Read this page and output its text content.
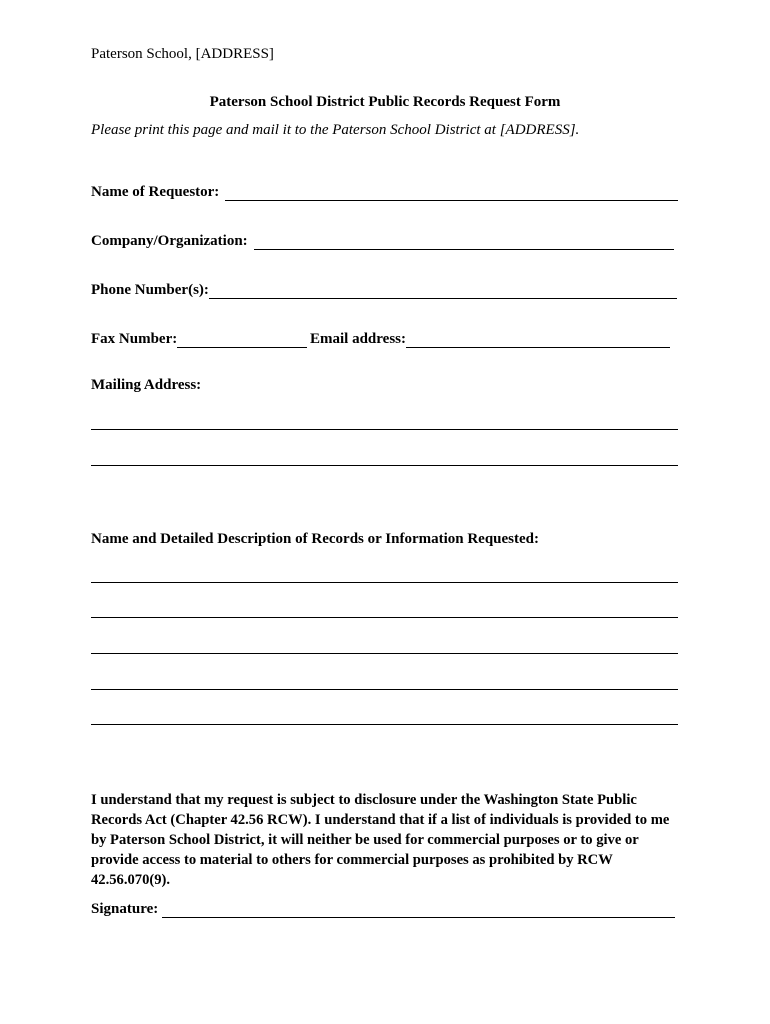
Paterson School, [ADDRESS]
Paterson School District Public Records Request Form
Please print this page and mail it to the Paterson School District at [ADDRESS].
Name of Requestor:
Company/Organization:
Phone Number(s):
Fax Number:	Email address:
Mailing Address:
Name and Detailed Description of Records or Information Requested:
I understand that my request is subject to disclosure under the Washington State Public Records Act (Chapter 42.56 RCW). I understand that if a list of individuals is provided to me by Paterson School District, it will neither be used for commercial purposes or to give or provide access to material to others for commercial purposes as prohibited by RCW 42.56.070(9).
Signature:
